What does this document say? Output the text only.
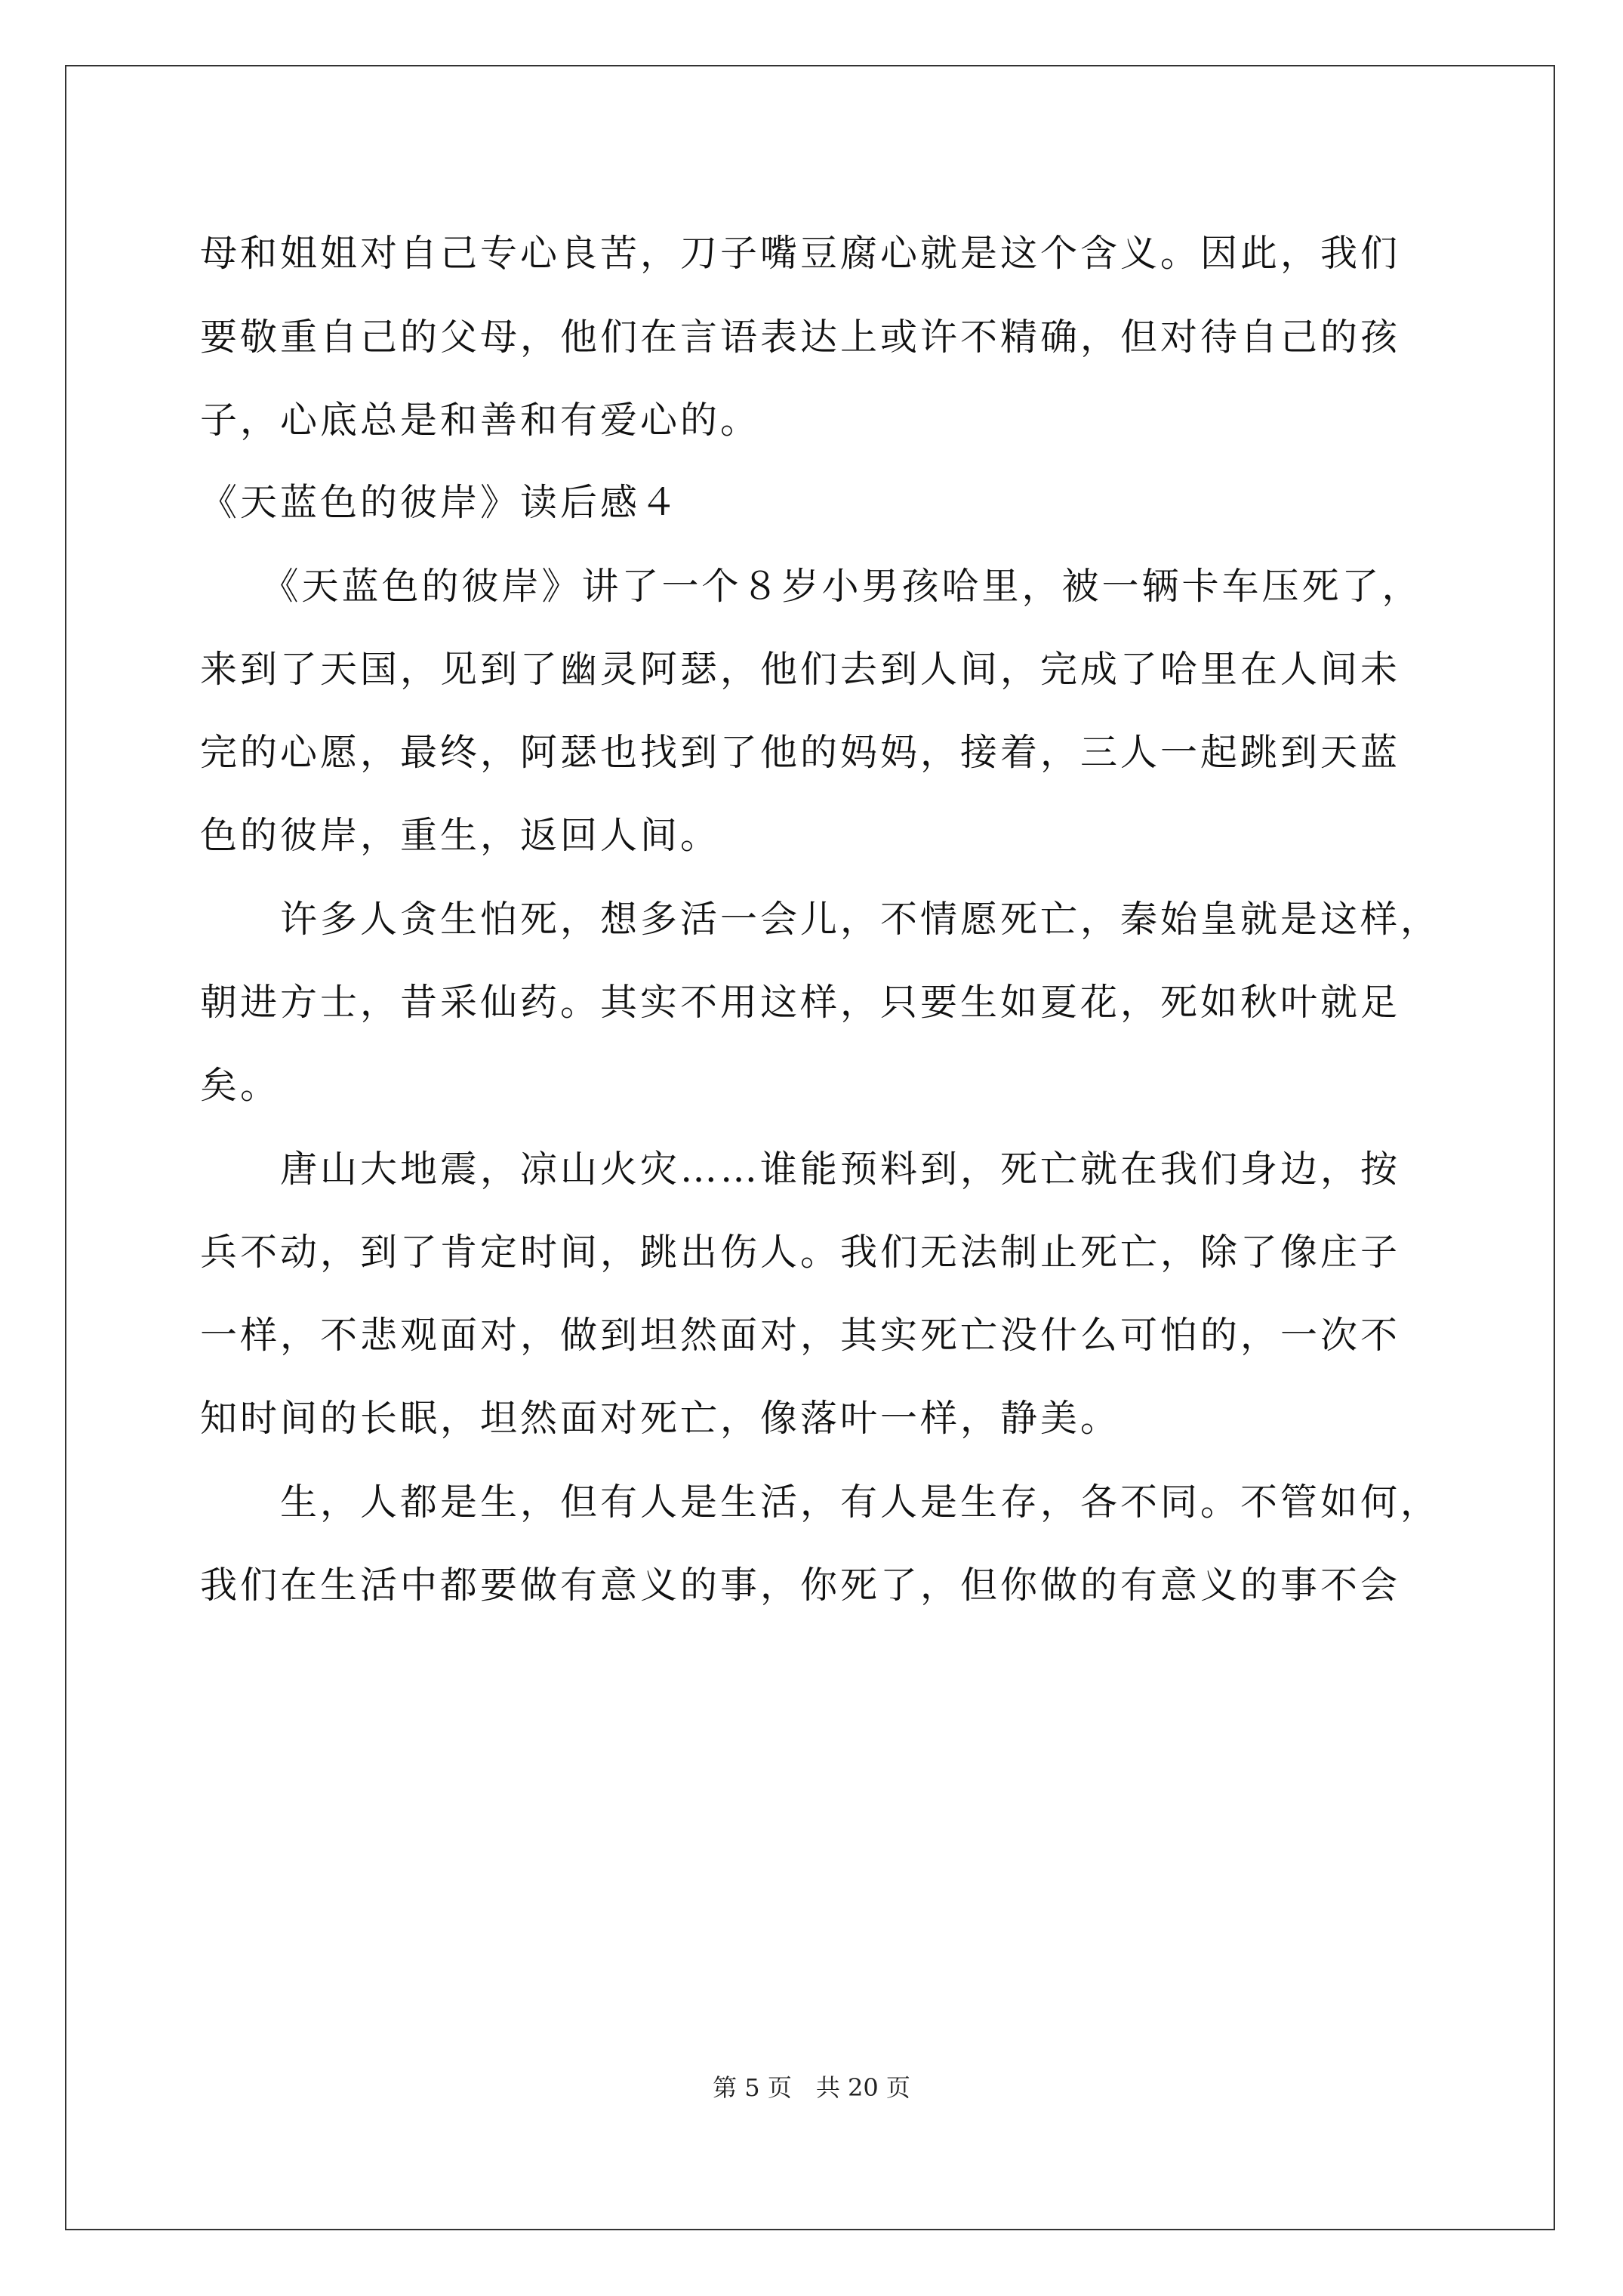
母和姐姐对自己专心良苦，刀子嘴豆腐心就是这个含义。因此，我们
要敬重自己的父母，他们在言语表达上或许不精确，但对待自己的孩
子，心底总是和善和有爱心的。
《天蓝色的彼岸》读后感４
　　《天蓝色的彼岸》讲了一个８岁小男孩哈里，被一辆卡车压死了，
来到了天国，见到了幽灵阿瑟，他们去到人间，完成了哈里在人间未
完的心愿，最终，阿瑟也找到了他的妈妈，接着，三人一起跳到天蓝
色的彼岸，重生，返回人间。
　　许多人贪生怕死，想多活一会儿，不情愿死亡，秦始皇就是这样，
朝进方士，昔采仙药。其实不用这样，只要生如夏花，死如秋叶就足
矣。
　　唐山大地震，凉山火灾……谁能预料到，死亡就在我们身边，按
兵不动，到了肯定时间，跳出伤人。我们无法制止死亡，除了像庄子
一样，不悲观面对，做到坦然面对，其实死亡没什么可怕的，一次不
知时间的长眠，坦然面对死亡，像落叶一样，静美。
　　生，人都是生，但有人是生活，有人是生存，各不同。不管如何，
我们在生活中都要做有意义的事，你死了，但你做的有意义的事不会
第 5 页　共 20 页
